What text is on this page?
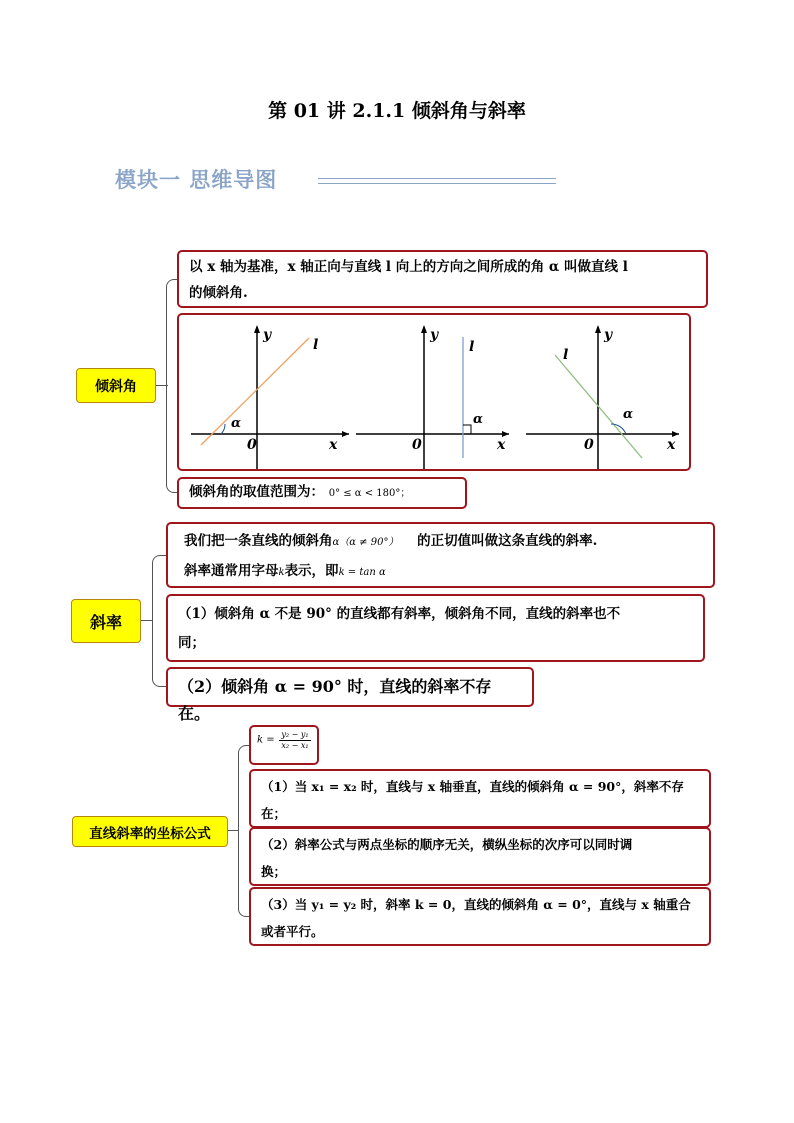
第 01 讲 2.1.1 倾斜角与斜率
模块一 思维导图
倾斜角
以 x 轴为基准，x 轴正向与直线 l 向上的方向之间所成的角 α 叫做直线 l
的倾斜角.
y
l
α
0	x
y
l
α
0	x
y
l
α
0	x
倾斜角的取值范围为： 0° ≤ α < 180°；
斜率
我们把一条直线的倾斜角α（α ≠ 90°） 的正切值叫做这条直线的斜率.
斜率通常用字母k表示，即k = tan α
（1）倾斜角 α 不是 90° 的直线都有斜率，倾斜角不同，直线的斜率也不
同；
（2）倾斜角 α = 90° 时，直线的斜率不存在。
直线斜率的坐标公式
$k = \frac{\text{y₂ − y₁}}{\text{x₂ − x₁}}$
（1）当 x₁ = x₂ 时，直线与 x 轴垂直，直线的倾斜角 α = 90°，斜率不存
在；
（2）斜率公式与两点坐标的顺序无关，横纵坐标的次序可以同时调
换；
（3）当 y₁ = y₂ 时，斜率 k = 0，直线的倾斜角 α = 0°，直线与 x 轴重合
或者平行。
